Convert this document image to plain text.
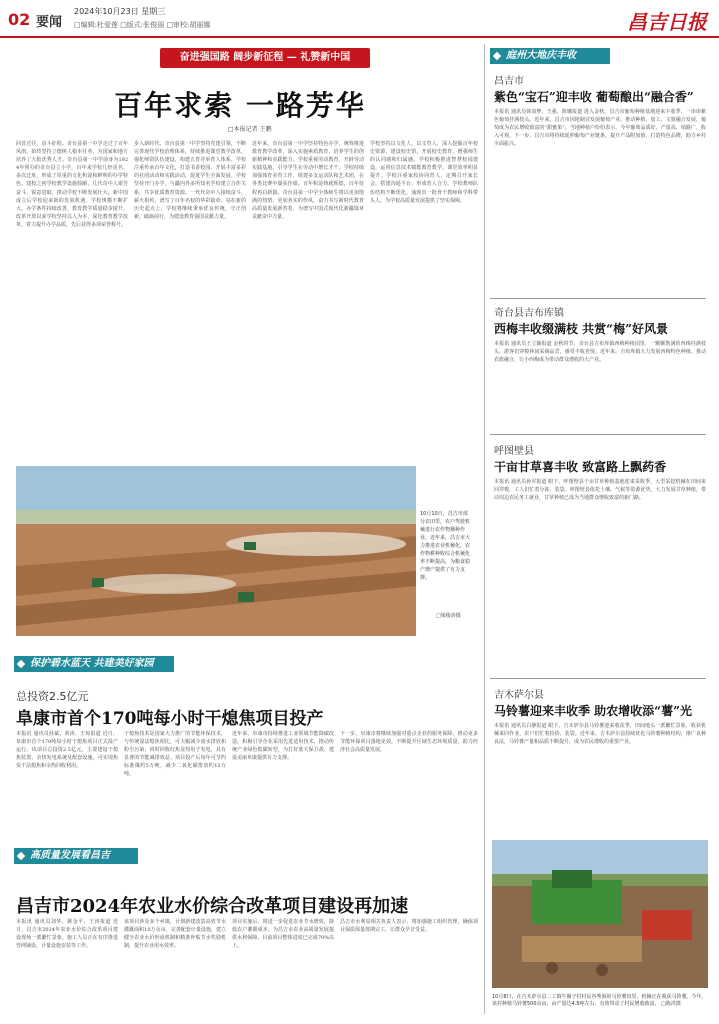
02 要闻
2024年10月23日 星期三
□编辑:杜爱莲 □版式:张俊丽 □审校:胡丽娜	昌吉日报
奋进强国路 阔步新征程 — 礼赞新中国
百年求索 一路芳华
□本报记者 王鹏
回首过往，奋斗征程。奇台县第一中学走过了百年风雨，始终坚持立德树人根本任务，为国家和地方培养了大批优秀人才。奇台县第一中学前身为1924年创办的奇台县立小学，百年来学校几经更名、多次迁址，形成了厚重的文化积淀和鲜明的办学特色。建校之初学校教学设施简陋，几代奇中人艰苦奋斗、锐意进取，推动学校不断发展壮大。新中国成立后学校迎来新的发展机遇，学校规模不断扩大，办学条件持续改善，教育教学质量稳步提升。改革开放以来学校坚持以人为本，深化教育教学改革，着力提升办学品质，先后获得多项荣誉称号。
步入新时代，奇台县第一中学坚持党建引领，不断完善现代学校治理体系，持续推进课堂教学改革，强化师资队伍建设，构建五育并举育人体系。学校注重传承百年文化，打造书香校园，开展丰富多彩的社团活动和实践活动，促进学生全面发展。学校坚持开门办学，与疆内外多所知名学校建立合作关系，共享优质教育资源。一代代奇中人接续奋斗，薪火相传，谱写了百年名校的华彩篇章。站在新的历史起点上，学校将继续秉承优良传统，守正创新，砥砺前行，为建设教育强国贡献力量。
近年来，奇台县第一中学坚持特色办学，统筹推进教育教学改革，深入实施素质教育，培养学生的创新精神和实践能力。学校重视劳动教育，开辟劳动实践基地，引导学生在劳动中增长才干。学校持续加强体育美育工作，组建多支运动队和艺术团，在各类比赛中屡获佳绩。百年积淀铸就辉煌，百年征程再启新篇。奇台县第一中学全体师生将以更加饱满的热情、更加务实的作风，奋力书写新时代教育高质量发展新答卷，为谱写中国式现代化新疆篇章贡献奇中力量。
学校坚持以文化人，以文育人，深入挖掘百年校史资源，建设校史馆，开展校史教育，增强师生的认同感和归属感。学校积极推进智慧校园建设，运用信息技术赋能教育教学，课堂效率明显提升。学校注重家校协同育人，定期召开家长会，搭建沟通平台，形成育人合力。学校教师队伍结构不断优化，涌现出一批骨干教师和学科带头人，为学校高质量发展提供了坚实保障。
10月10日，昌吉市部分农田里，农户驾驶机械进行农作物播种作业。近年来，昌吉市大力推进农业机械化，农作物耕种收综合机械化率不断提高，为粮食稳产增产提供了有力支撑。
□梁俊涛摄
保护碧水蓝天 共建美好家园
总投资2.5亿元
阜康市首个170吨每小时干熄焦项目投产
本报讯 通讯员孙斌、黄涛、王琼报道 近日，阜康市首个170吨每小时干熄焦项目正式投产运行。该项目总投资2.5亿元，主要建设干熄焦装置、余热发电系统及配套设施，可实现焦炭干法熄焦和余热回收利用。
干熄焦技术是国家大力推广的节能环保技术，与传统湿法熄焦相比，可大幅减少废水排放和粉尘污染，同时回收红焦显热用于发电，具有显著的节能减排效益。项目投产后每年可节约标准煤约5万吨，减少二氧化碳排放约12万吨。
近年来，阜康市持续推进工业领域节能降碳改造，积极引导企业采用先进适用技术，推动传统产业绿色低碳转型，为打好蓝天保卫战、建设美丽阜康提供有力支撑。
下一步，阜康市将继续加强对重点企业的服务保障，推动更多节能环保项目落地见效，不断提升区域生态环境质量，助力经济社会高质量发展。
高质量发展看昌吉
昌吉市2024年农业水价综合改革项目建设再加速
本报讯 通讯员刘华、姚金平、王涛报道 近日，昌吉市2024年农业水价综合改革项目建设现场一派繁忙景象，施工人员正在有序推进管网铺设、计量设施安装等工作。
该项目涉及多个乡镇，计划新建改造高效节水灌溉面积10万余亩，完善配套计量设施，建立健全农业水价形成机制和精准补贴节水奖励机制，提升农业用水效率。
项目实施后，将进一步促进农业节水增效，降低农户灌溉成本，为昌吉市农业高质量发展提供水利保障。目前项目整体进度已完成70%以上。
昌吉市水利局相关负责人表示，将加强施工组织管理，确保项目保质保量按期完工，让群众早日受益。
庭州大地庆丰收
昌吉市
紫色“宝石”迎丰收 葡萄酿出“融合香”
本报讯 通讯员韩如梦、王强、陈娜报道 进入金秋，昌吉市葡萄种植基地迎来丰收季，一串串紫色葡萄挂满枝头。近年来，昌吉市因地制宜发展葡萄产业，推动种植、加工、文旅融合发展，葡萄成为农民增收致富的“甜蜜果”。当地种植户纷纷表示，今年葡萄品质好、产量高、销路广，收入可观。下一步，昌吉市将持续延伸葡萄产业链条，提升产品附加值，打造特色品牌，助力乡村全面振兴。
奇台县吉布库镇
西梅丰收缀满枝 共赏“梅”好风景
本报讯 通讯员王立颖报道 金秋时节，奇台县吉布库镇西梅种植园里，一颗颗饱满的西梅挂满枝头，游客们穿梭林间采摘品尝，感受丰收喜悦。近年来，吉布库镇大力发展西梅特色种植，推动农旅融合，让小西梅成为带动群众增收的大产业。
呼图壁县
干亩甘草喜丰收 致富路上飘药香
本报讯 通讯员孙军报道 眼下，呼图壁县千亩甘草种植基地迎来采收季，大型采挖机械在田间来回穿梭，工人们忙着分拣、装袋。呼图壁县依托土壤、气候等资源优势，大力发展甘草种植，带动周边农民务工就业，甘草种植已成为当地群众增收致富的新门路。
吉木萨尔县
马铃薯迎来丰收季 助农增收添“薯”光
本报讯 通讯员白静报道 眼下，吉木萨尔县马铃薯迎来收获季，田间地头一派繁忙景象，收获机械来回作业，农户们忙着捡拾、装袋。近年来，吉木萨尔县持续优化马铃薯种植结构，推广良种良法，马铃薯产量和品质不断提升，成为农民增收的重要产业。
10月8日，在吉木萨尔县二工镇牛圈子村村民谷秀海的马铃薯田里，机械正在收获马铃薯。今年，该村种植马铃薯500余亩，亩产量达4.5吨左右，有效带动了村民增收致富。 □陈洪摄
